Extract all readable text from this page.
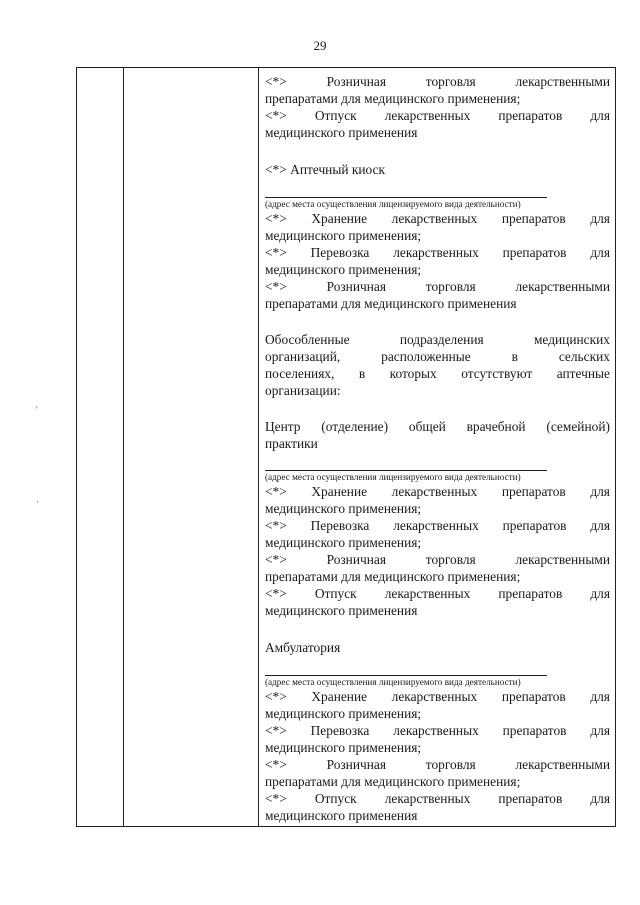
29
<*>	Розничная	торговля	лекарственными
препаратами для медицинского применения;
<*> Отпуск лекарственных препаратов для
медицинского применения
<*> Аптечный киоск
(адрес места осуществления лицензируемого вида деятельности)
<*> Хранение лекарственных препаратов для
медицинского применения;
<*> Перевозка лекарственных препаратов для
медицинского применения;
<*>	Розничная	торговля	лекарственными
препаратами для медицинского применения
Обособленные	подразделения	медицинских
организаций,	расположенные	в	сельских
поселениях, в которых отсутствуют аптечные
организации:
Центр (отделение) общей врачебной (семейной)
практики
(адрес места осуществления лицензируемого вида деятельности)
<*> Хранение лекарственных препаратов для
медицинского применения;
<*> Перевозка лекарственных препаратов для
медицинского применения;
<*>	Розничная	торговля	лекарственными
препаратами для медицинского применения;
<*> Отпуск лекарственных препаратов для
медицинского применения
Амбулатория
(адрес места осуществления лицензируемого вида деятельности)
<*> Хранение лекарственных препаратов для
медицинского применения;
<*> Перевозка лекарственных препаратов для
медицинского применения;
<*>	Розничная	торговля	лекарственными
препаратами для медицинского применения;
<*> Отпуск лекарственных препаратов для
медицинского применения
'
·
